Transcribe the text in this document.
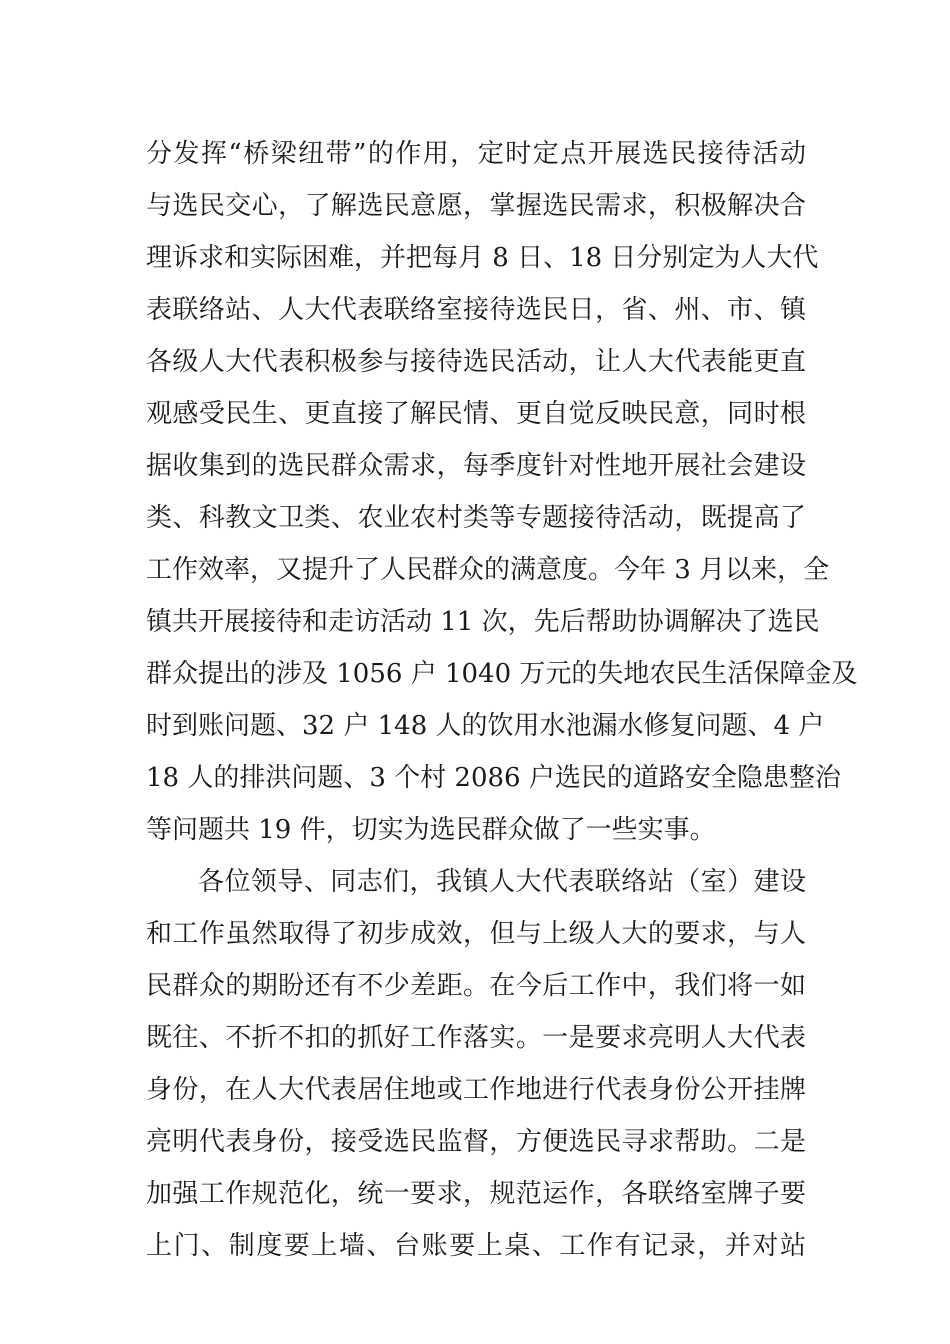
分发挥“桥梁纽带”的作用，定时定点开展选民接待活动
与选民交心，了解选民意愿，掌握选民需求，积极解决合
理诉求和实际困难，并把每月 8 日、18 日分别定为人大代
表联络站、人大代表联络室接待选民日，省、州、市、镇
各级人大代表积极参与接待选民活动，让人大代表能更直
观感受民生、更直接了解民情、更自觉反映民意，同时根
据收集到的选民群众需求，每季度针对性地开展社会建设
类、科教文卫类、农业农村类等专题接待活动，既提高了
工作效率，又提升了人民群众的满意度。今年 3 月以来，全
镇共开展接待和走访活动 11 次，先后帮助协调解决了选民
群众提出的涉及 1056 户 1040 万元的失地农民生活保障金及
时到账问题、32 户 148 人的饮用水池漏水修复问题、4 户
18 人的排洪问题、3 个村 2086 户选民的道路安全隐患整治
等问题共 19 件，切实为选民群众做了一些实事。
各位领导、同志们，我镇人大代表联络站（室）建设
和工作虽然取得了初步成效，但与上级人大的要求，与人
民群众的期盼还有不少差距。在今后工作中，我们将一如
既往、不折不扣的抓好工作落实。一是要求亮明人大代表
身份，在人大代表居住地或工作地进行代表身份公开挂牌
亮明代表身份，接受选民监督，方便选民寻求帮助。二是
加强工作规范化，统一要求，规范运作，各联络室牌子要
上门、制度要上墙、台账要上桌、工作有记录，并对站
